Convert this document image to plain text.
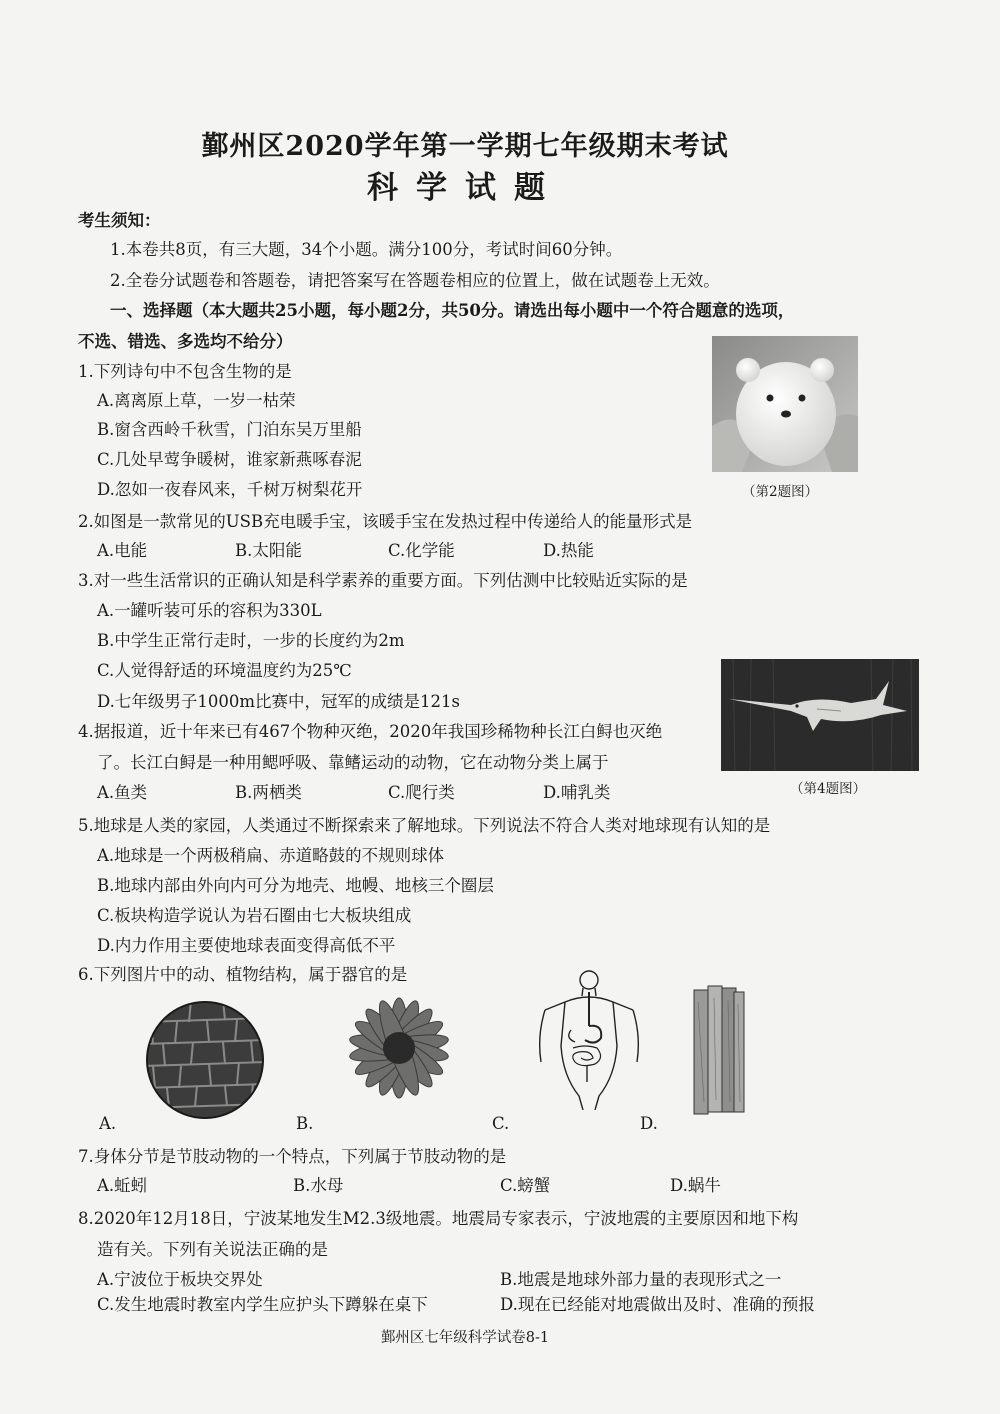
鄞州区2020学年第一学期七年级期末考试
科学试题
考生须知：
1.本卷共8页，有三大题，34个小题。满分100分，考试时间60分钟。
2.全卷分试题卷和答题卷，请把答案写在答题卷相应的位置上，做在试题卷上无效。
一、选择题（本大题共25小题，每小题2分，共50分。请选出每小题中一个符合题意的选项，
不选、错选、多选均不给分）
1.下列诗句中不包含生物的是
A.离离原上草，一岁一枯荣
B.窗含西岭千秋雪，门泊东吴万里船
C.几处早莺争暖树，谁家新燕啄春泥
D.忽如一夜春风来，千树万树梨花开	（第2题图）
2.如图是一款常见的USB充电暖手宝，该暖手宝在发热过程中传递给人的能量形式是
A.电能	B.太阳能	C.化学能	D.热能
3.对一些生活常识的正确认知是科学素养的重要方面。下列估测中比较贴近实际的是
A.一罐听装可乐的容积为330L
B.中学生正常行走时，一步的长度约为2m
C.人觉得舒适的环境温度约为25℃
D.七年级男子1000m比赛中，冠军的成绩是121s
（第4题图）
4.据报道，近十年来已有467个物种灭绝，2020年我国珍稀物种长江白鲟也灭绝
了。长江白鲟是一种用鳃呼吸、靠鳍运动的动物，它在动物分类上属于
A.鱼类	B.两栖类	C.爬行类	D.哺乳类
5.地球是人类的家园，人类通过不断探索来了解地球。下列说法不符合人类对地球现有认知的是
A.地球是一个两极稍扁、赤道略鼓的不规则球体
B.地球内部由外向内可分为地壳、地幔、地核三个圈层
C.板块构造学说认为岩石圈由七大板块组成
D.内力作用主要使地球表面变得高低不平
6.下列图片中的动、植物结构，属于器官的是
A.	B.	C.	D.
7.身体分节是节肢动物的一个特点，下列属于节肢动物的是
A.蚯蚓	B.水母	C.螃蟹	D.蜗牛
8.2020年12月18日，宁波某地发生M2.3级地震。地震局专家表示，宁波地震的主要原因和地下构
造有关。下列有关说法正确的是
A.宁波位于板块交界处	B.地震是地球外部力量的表现形式之一
C.发生地震时教室内学生应护头下蹲躲在桌下	D.现在已经能对地震做出及时、准确的预报
鄞州区七年级科学试卷8-1
